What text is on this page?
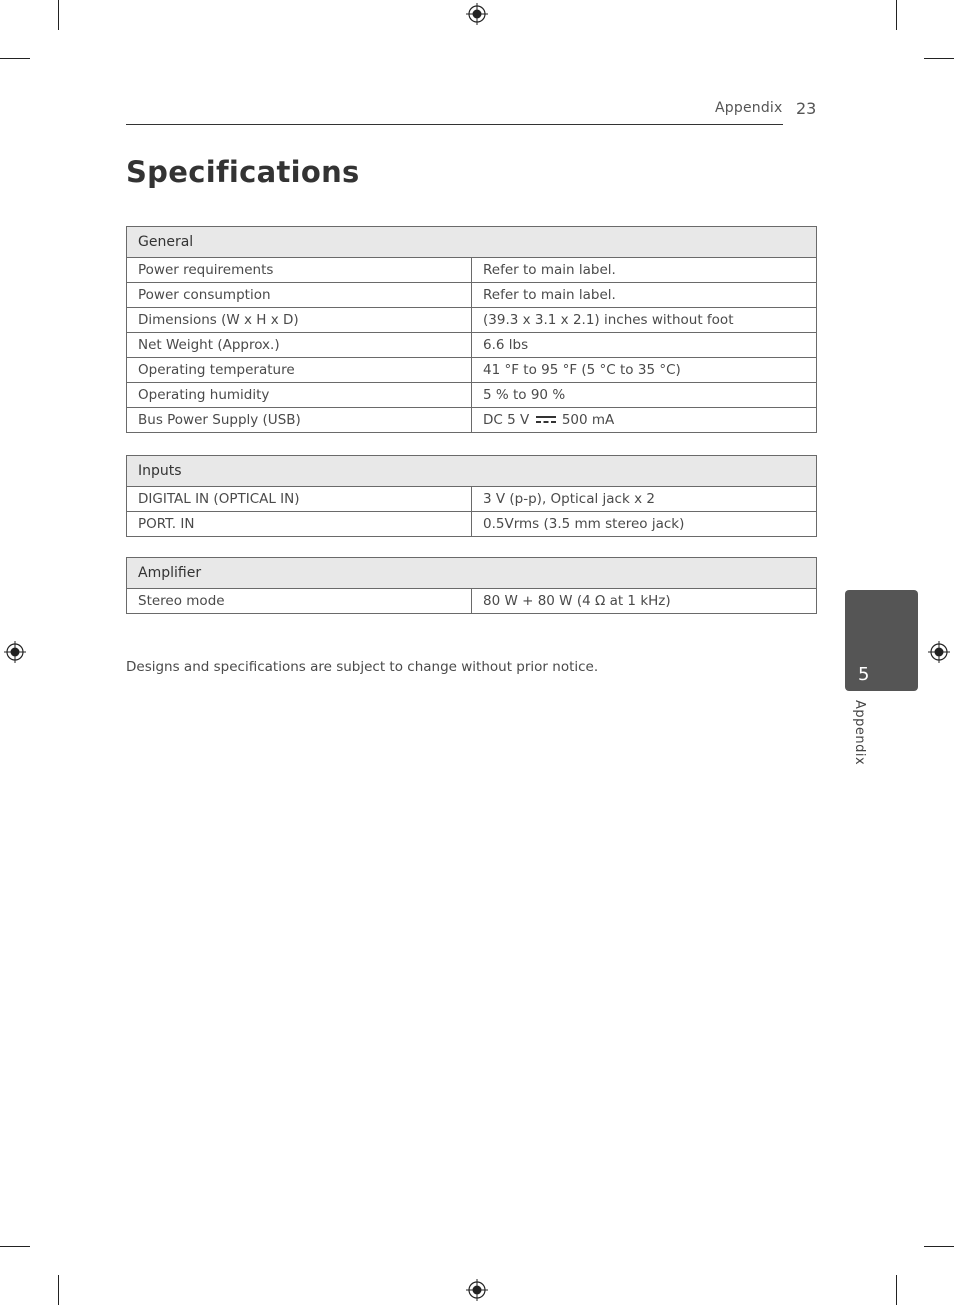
Appendix 23
Specifications
General	
Power requirements	Refer to main label.
Power consumption	Refer to main label.
Dimensions (W x H x D)	(39.3 x 3.1 x 2.1) inches without foot
Net Weight (Approx.)	6.6 lbs
Operating temperature	41 °F to 95 °F (5 °C to 35 °C)
Operating humidity	5 % to 90 %
Bus Power Supply (USB)	DC 5 V 500 mA
Inputs	
DIGITAL IN (OPTICAL IN)	3 V (p-p), Optical jack x 2
PORT. IN	0.5Vrms (3.5 mm stereo jack)
Amplifier
Stereo mode	80 W + 80 W (4 Ω at 1 kHz)

Designs and specifications are subject to change without prior notice.	5
Appendix
